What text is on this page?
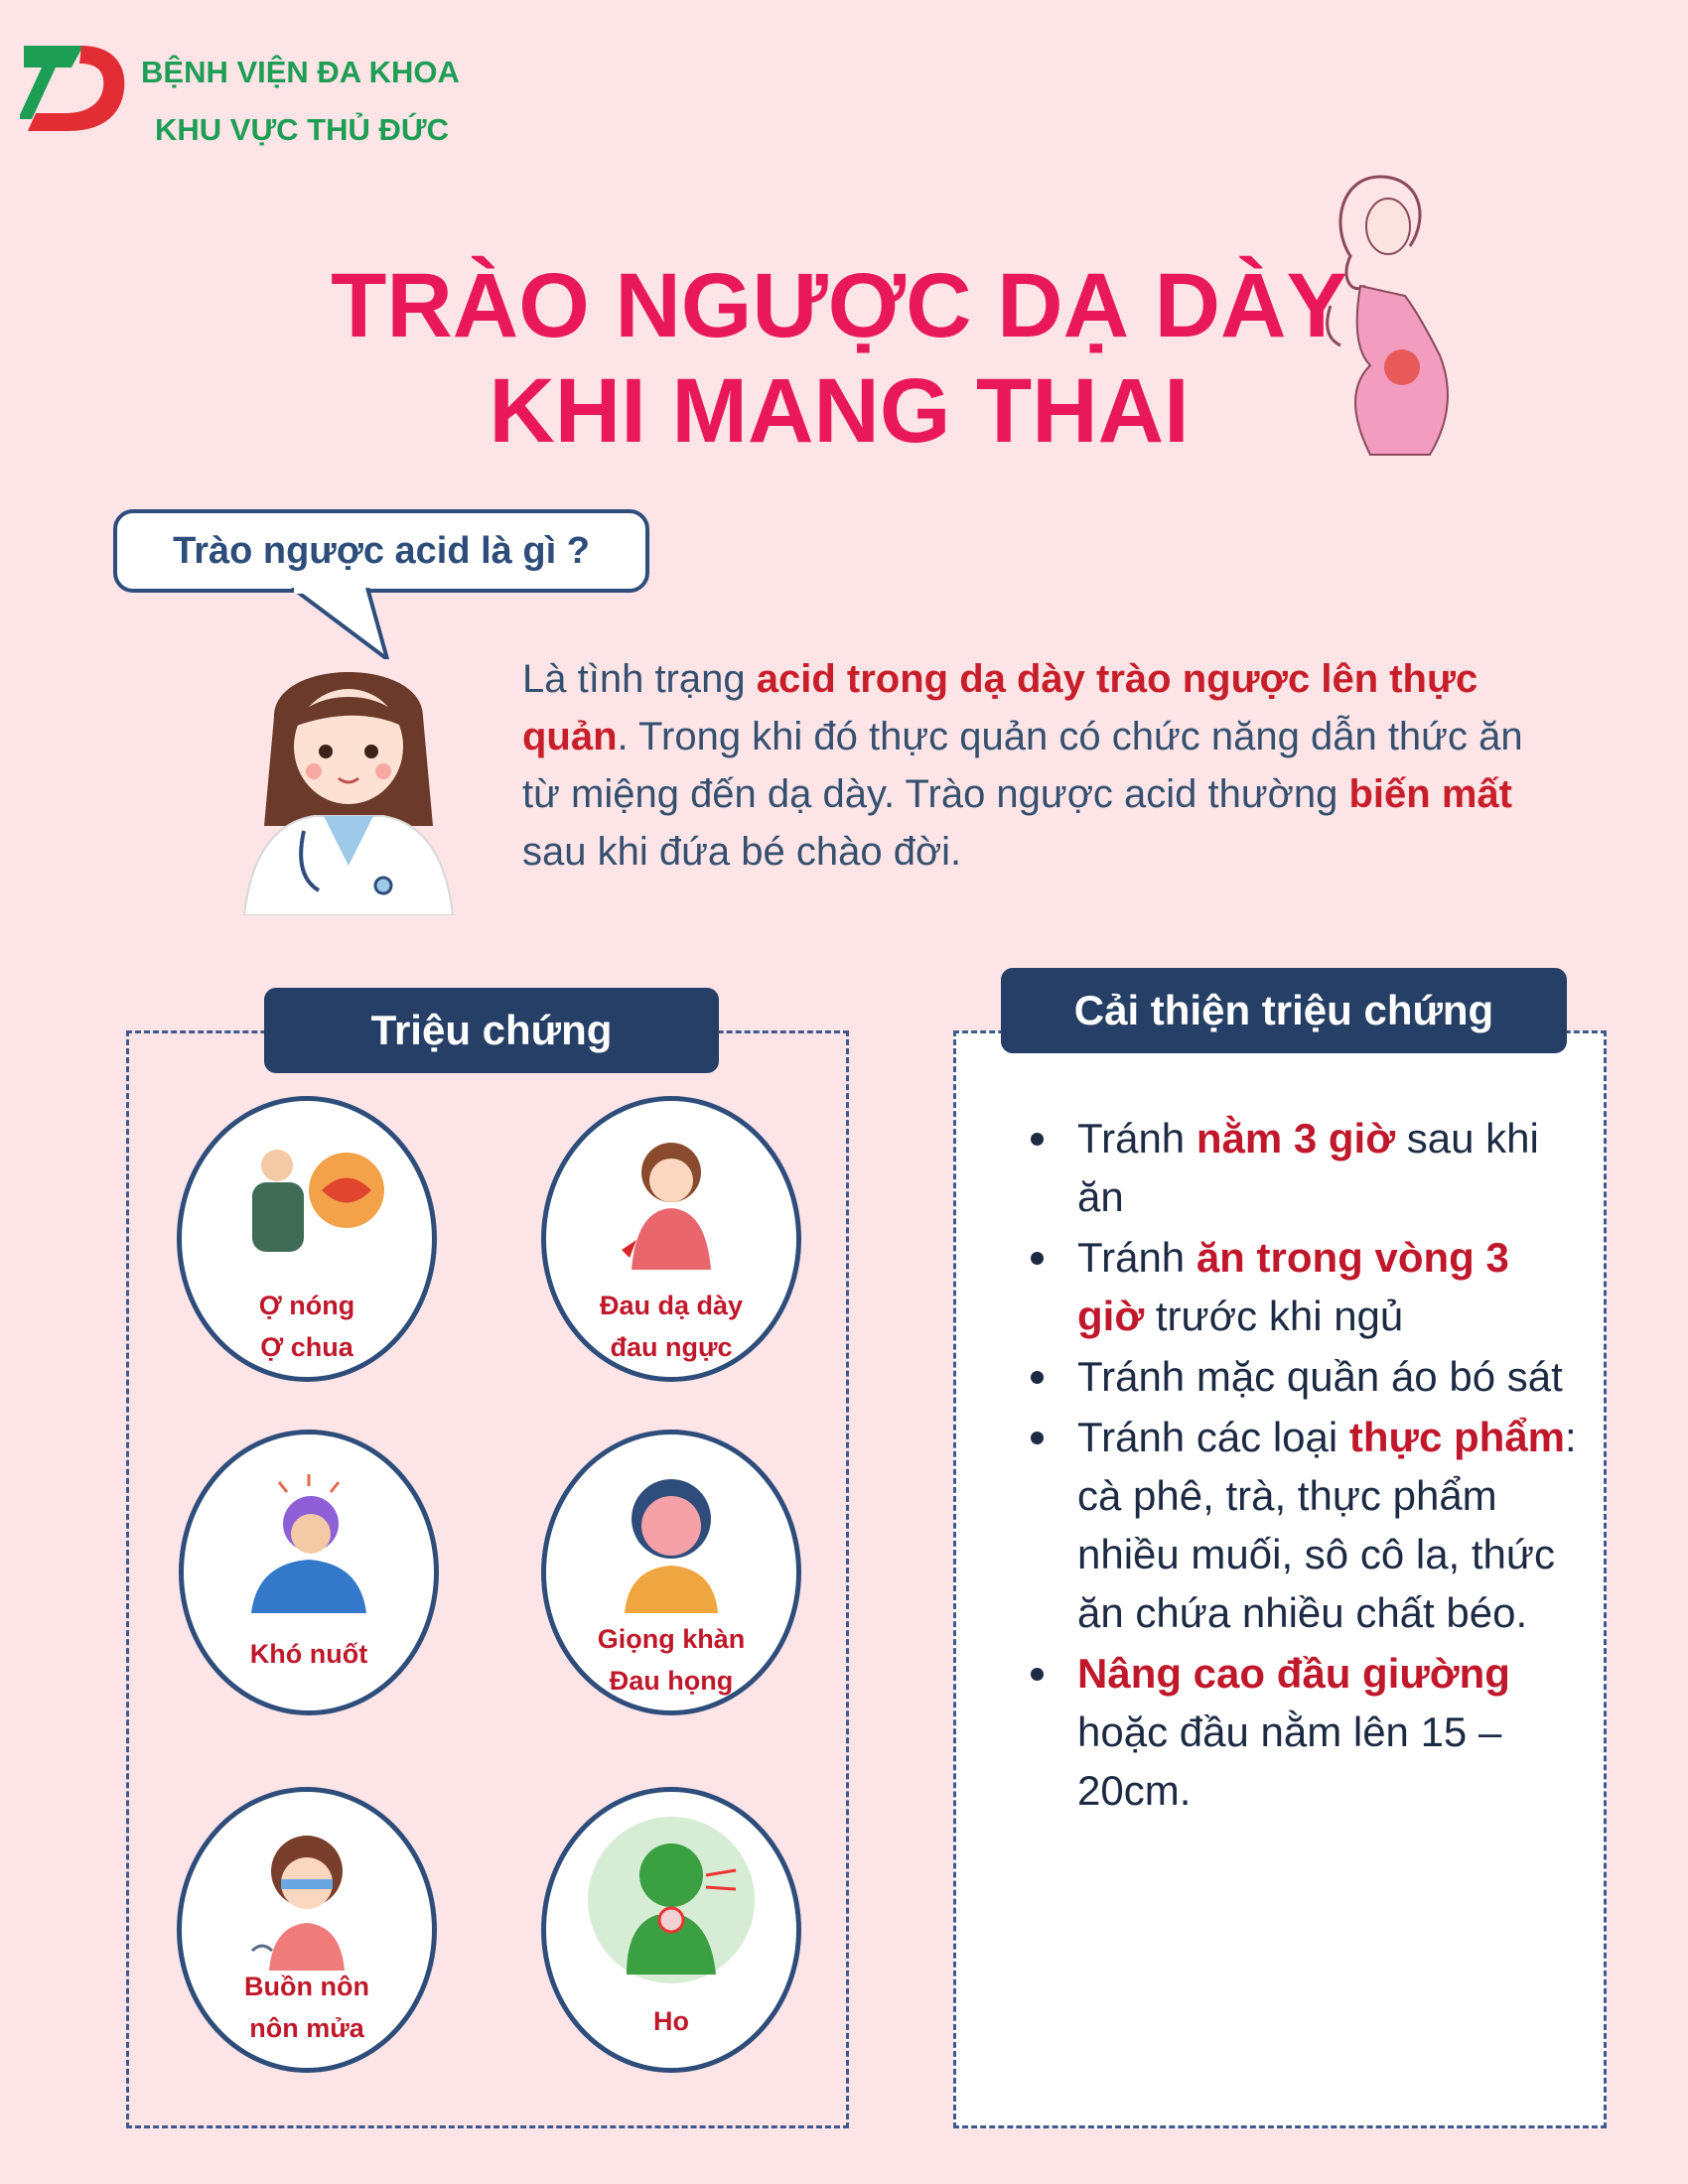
BỆNH VIỆN ĐA KHOA
KHU VỰC THỦ ĐỨC
TRÀO NGƯỢC DẠ DÀY
KHI MANG THAI
Trào ngược acid là gì ?
Là tình trạng acid trong dạ dày trào ngược lên thực quản. Trong khi đó thực quản có chức năng dẫn thức ăn từ miệng đến dạ dày. Trào ngược acid thường biến mất sau khi đứa bé chào đời.
Triệu chứng
Ợ nóng
Ợ chua
Đau dạ dày
đau ngực
Khó nuốt	Giọng khàn
Đau họng
Buồn nôn
nôn mửa	Ho
Cải thiện triệu chứng
Tránh nằm 3 giờ sau khi ăn
Tránh ăn trong vòng 3 giờ trước khi ngủ
Tránh mặc quần áo bó sát
Tránh các loại thực phẩm: cà phê, trà, thực phẩm nhiều muối, sô cô la, thức ăn chứa nhiều chất béo.
Nâng cao đầu giường hoặc đầu nằm lên 15 – 20cm.
